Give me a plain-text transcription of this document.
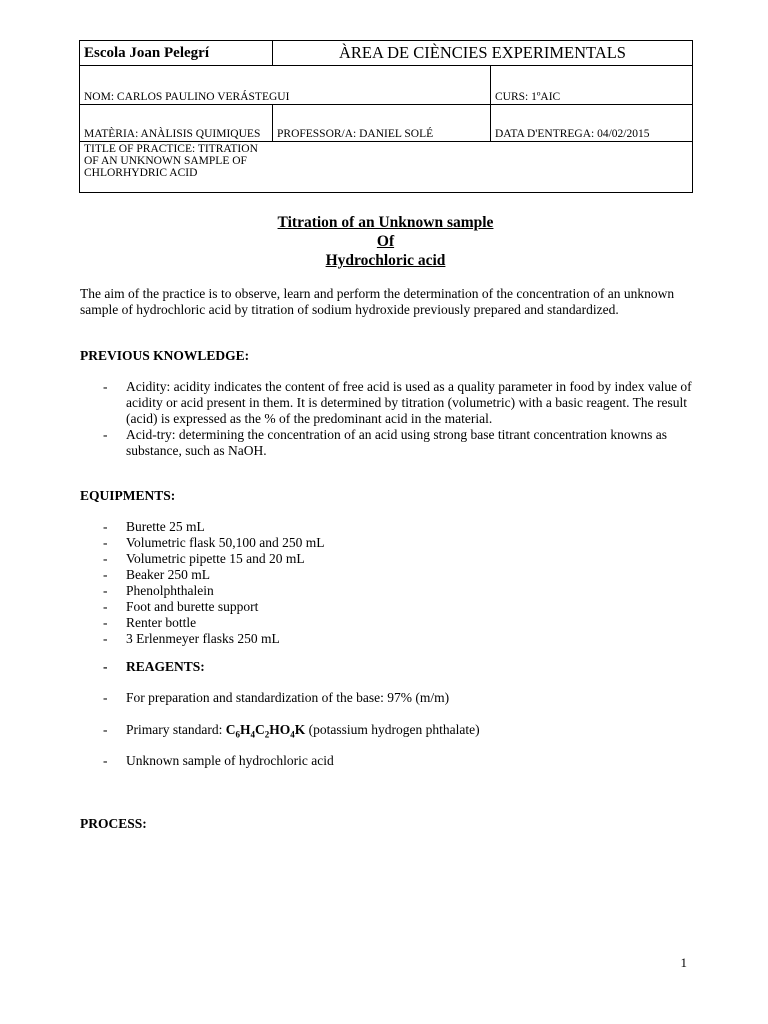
Escola Joan Pelegrí	ÀREA DE CIÈNCIES EXPERIMENTALS	
NOM: CARLOS PAULINO VERÁSTEGUI		CURS: 1ºAIC
MATÈRIA: ANÀLISIS QUIMIQUES	PROFESSOR/A: DANIEL SOLÉ	DATA D'ENTREGA: 04/02/2015
TITLE OF PRACTICE: TITRATION OF AN UNKNOWN SAMPLE OF CHLORHYDRIC ACID		
Titration of an Unknown sample
Of
Hydrochloric acid
The aim of the practice is to observe, learn and perform the determination of the concentration of an unknown sample of hydrochloric acid by titration of sodium hydroxide previously prepared and standardized.
PREVIOUS KNOWLEDGE:
- Acidity: acidity indicates the content of free acid is used as a quality parameter in food by index value of acidity or acid present in them. It is determined by titration (volumetric) with a basic reagent. The result (acid) is expressed as the % of the predominant acid in the material.
- Acid-try: determining the concentration of an acid using strong base titrant concentration knowns as substance, such as NaOH.
EQUIPMENTS:
- Burette 25 mL
- Volumetric flask 50,100 and 250 mL
- Volumetric pipette 15 and 20 mL
- Beaker 250 mL
- Phenolphthalein
- Foot and burette support
- Renter bottle
- 3 Erlenmeyer flasks 250 mL
- REAGENTS:
- For preparation and standardization of the base: 97% (m/m)
- Primary standard: $C_6H_4C_2HO_4K$ (potassium hydrogen phthalate)
- Unknown sample of hydrochloric acid
PROCESS:
1
